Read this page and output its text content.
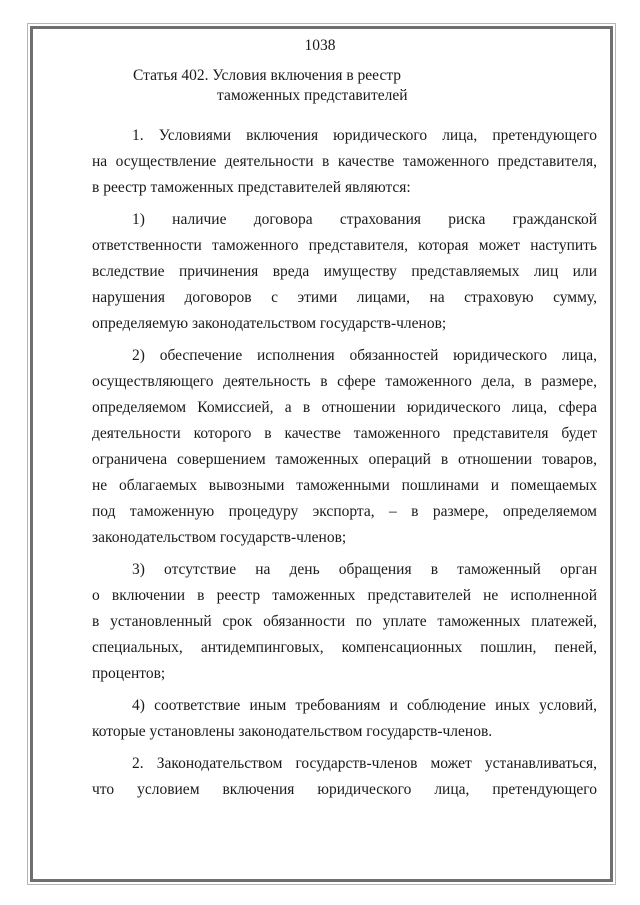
1038
Статья 402. Условия включения в реестр
таможенных представителей
1. Условиями включения юридического лица, претендующего
на осуществление деятельности в качестве таможенного представителя,
в реестр таможенных представителей являются:
1) наличие договора страхования риска гражданской
ответственности таможенного представителя, которая может наступить
вследствие причинения вреда имуществу представляемых лиц или
нарушения договоров с этими лицами, на страховую сумму,
определяемую законодательством государств-членов;
2) обеспечение исполнения обязанностей юридического лица,
осуществляющего деятельность в сфере таможенного дела, в размере,
определяемом Комиссией, а в отношении юридического лица, сфера
деятельности которого в качестве таможенного представителя будет
ограничена совершением таможенных операций в отношении товаров,
не облагаемых вывозными таможенными пошлинами и помещаемых
под таможенную процедуру экспорта, – в размере, определяемом
законодательством государств-членов;
3) отсутствие на день обращения в таможенный орган
о включении в реестр таможенных представителей не исполненной
в установленный срок обязанности по уплате таможенных платежей,
специальных, антидемпинговых, компенсационных пошлин, пеней,
процентов;
4) соответствие иным требованиям и соблюдение иных условий,
которые установлены законодательством государств-членов.
2. Законодательством государств-членов может устанавливаться,
что условием включения юридического лица, претендующего
